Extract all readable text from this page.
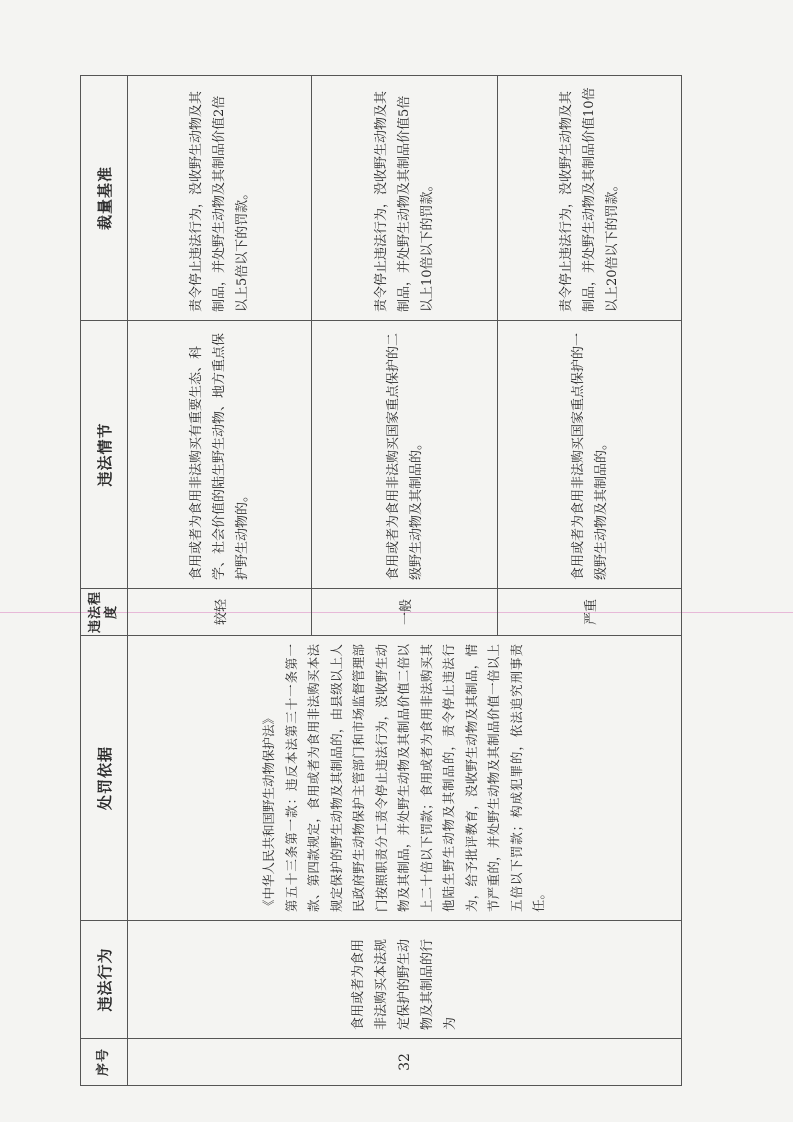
序号	违法行为	处罚依据	违法程度	违法情节	裁量基准
32	食用或者为食用非法购买本法规定保护的野生动物及其制品的行为	《中华人民共和国野生动物保护法》 第五十三条第一款：违反本法第三十一条第一款、第四款规定，食用或者为食用非法购买本法规定保护的野生动物及其制品的，由县级以上人民政府野生动物保护主管部门和市场监督管理部门按照职责分工责令停止违法行为，没收野生动物及其制品，并处野生动物及其制品价值二倍以上二十倍以下罚款；食用或者为食用非法购买其他陆生野生动物及其制品的，责令停止违法行为，给予批评教育，没收野生动物及其制品，情节严重的，并处野生动物及其制品价值一倍以上五倍以下罚款；构成犯罪的，依法追究刑事责任。	较轻	食用或者为食用非法购买有重要生态、科学、社会价值的陆生野生动物、地方重点保护野生动物的。	责令停止违法行为，没收野生动物及其制品，并处野生动物及其制品价值2倍以上5倍以下的罚款。
			一般	食用或者为食用非法购买国家重点保护的二级野生动物及其制品的。	责令停止违法行为，没收野生动物及其制品，并处野生动物及其制品价值5倍以上10倍以下的罚款。
			严重	食用或者为食用非法购买国家重点保护的一级野生动物及其制品的。	责令停止违法行为，没收野生动物及其制品，并处野生动物及其制品价值10倍以上20倍以下的罚款。
